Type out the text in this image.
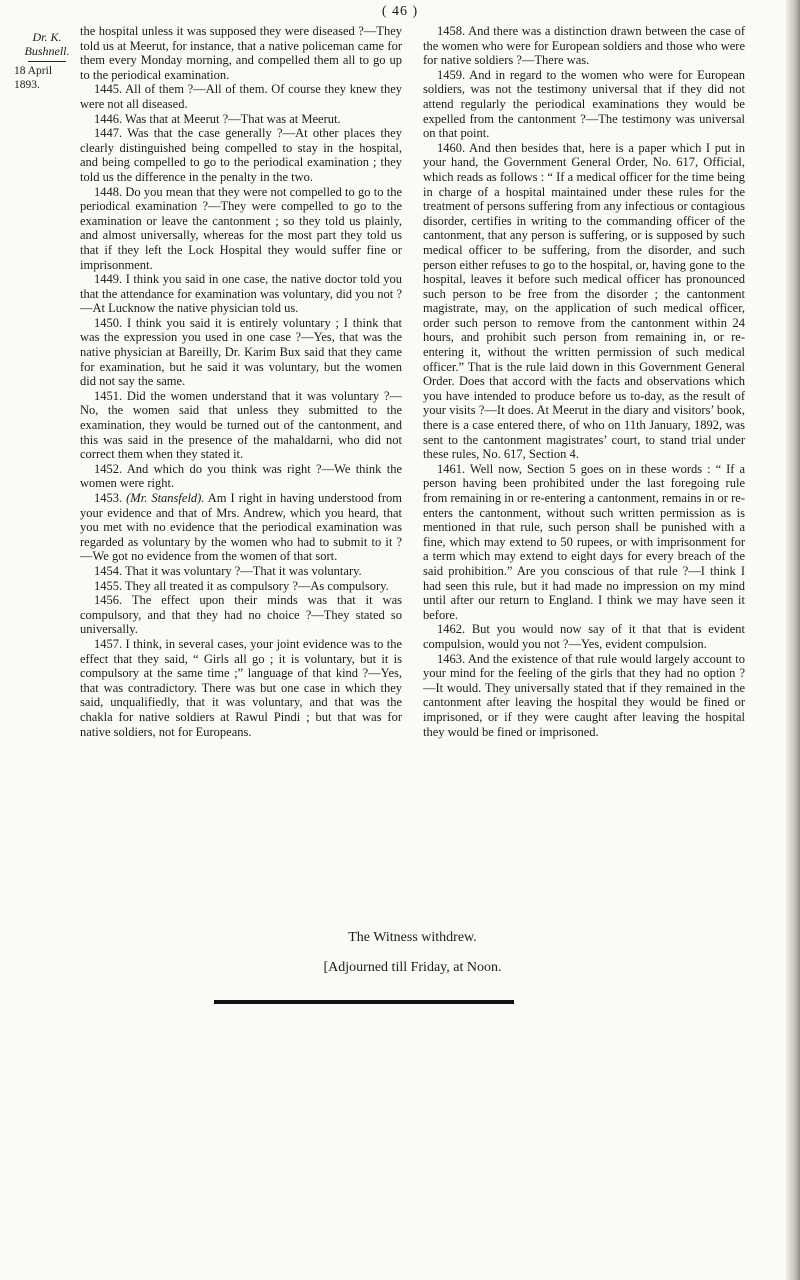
( 46 )
Dr. K. Bushnell.
18 April 1893.

the hospital unless it was supposed they were diseased ?—They told us at Meerut, for instance, that a native policeman came for them every Monday morning, and compelled them all to go up to the periodical examination.

1445. All of them ?—All of them. Of course they knew they were not all diseased.

1446. Was that at Meerut ?—That was at Meerut.

1447. Was that the case generally ?—At other places they clearly distinguished being compelled to stay in the hospital, and being compelled to go to the periodical examination ; they told us the difference in the penalty in the two.

1448. Do you mean that they were not compelled to go to the periodical examination ?—They were compelled to go to the examination or leave the cantonment ; so they told us plainly, and almost universally, whereas for the most part they told us that if they left the Lock Hospital they would suffer fine or imprisonment.

1449. I think you said in one case, the native doctor told you that the attendance for examination was voluntary, did you not ?—At Lucknow the native physician told us.

1450. I think you said it is entirely voluntary ; I think that was the expression you used in one case ?—Yes, that was the native physician at Bareilly, Dr. Karim Bux said that they came for examination, but he said it was voluntary, but the women did not say the same.

1451. Did the women understand that it was voluntary ?—No, the women said that unless they submitted to the examination, they would be turned out of the cantonment, and this was said in the presence of the mahaldarni, who did not correct them when they stated it.

1452. And which do you think was right ?—We think the women were right.

1453. (Mr. Stansfeld). Am I right in having understood from your evidence and that of Mrs. Andrew, which you heard, that you met with no evidence that the periodical examination was regarded as voluntary by the women who had to submit to it ?—We got no evidence from the women of that sort.

1454. That it was voluntary ?—That it was voluntary.

1455. They all treated it as compulsory ?—As compulsory.

1456. The effect upon their minds was that it was compulsory, and that they had no choice ?—They stated so universally.

1457. I think, in several cases, your joint evidence was to the effect that they said, “ Girls all go ; it is voluntary, but it is compulsory at the same time ;” language of that kind ?—Yes, that was contradictory. There was but one case in which they said, unqualifiedly, that it was voluntary, and that was the chakla for native soldiers at Rawul Pindi ; but that was for native soldiers, not for Europeans.

1458. And there was a distinction drawn between the case of the women who were for European soldiers and those who were for native soldiers ?—There was.

1459. And in regard to the women who were for European soldiers, was not the testimony universal that if they did not attend regularly the periodical examinations they would be expelled from the cantonment ?—The testimony was universal on that point.

1460. And then besides that, here is a paper which I put in your hand, the Government General Order, No. 617, Official, which reads as follows : “ If a medical officer for the time being in charge of a hospital maintained under these rules for the treatment of persons suffering from any infectious or contagious disorder, certifies in writing to the commanding officer of the cantonment, that any person is suffering, or is supposed by such medical officer to be suffering, from the disorder, and such person either refuses to go to the hospital, or, having gone to the hospital, leaves it before such medical officer has pronounced such person to be free from the disorder ; the cantonment magistrate, may, on the application of such medical officer, order such person to remove from the cantonment within 24 hours, and prohibit such person from remaining in, or re-entering it, without the written permission of such medical officer.” That is the rule laid down in this Government General Order. Does that accord with the facts and observations which you have intended to produce before us to-day, as the result of your visits ?—It does. At Meerut in the diary and visitors’ book, there is a case entered there, of who on 11th January, 1892, was sent to the cantonment magistrates’ court, to stand trial under these rules, No. 617, Section 4.

1461. Well now, Section 5 goes on in these words : “ If a person having been prohibited under the last foregoing rule from remaining in or re-entering a cantonment, remains in or re-enters the cantonment, without such written permission as is mentioned in that rule, such person shall be punished with a fine, which may extend to 50 rupees, or with imprisonment for a term which may extend to eight days for every breach of the said prohibition.” Are you conscious of that rule ?—I think I had seen this rule, but it had made no impression on my mind until after our return to England. I think we may have seen it before.

1462. But you would now say of it that that is evident compulsion, would you not ?—Yes, evident compulsion.

1463. And the existence of that rule would largely account to your mind for the feeling of the girls that they had no option ?—It would. They universally stated that if they remained in the cantonment after leaving the hospital they would be fined or imprisoned, or if they were caught after leaving the hospital they would be fined or imprisoned.

The Witness withdrew.
[Adjourned till Friday, at Noon.
